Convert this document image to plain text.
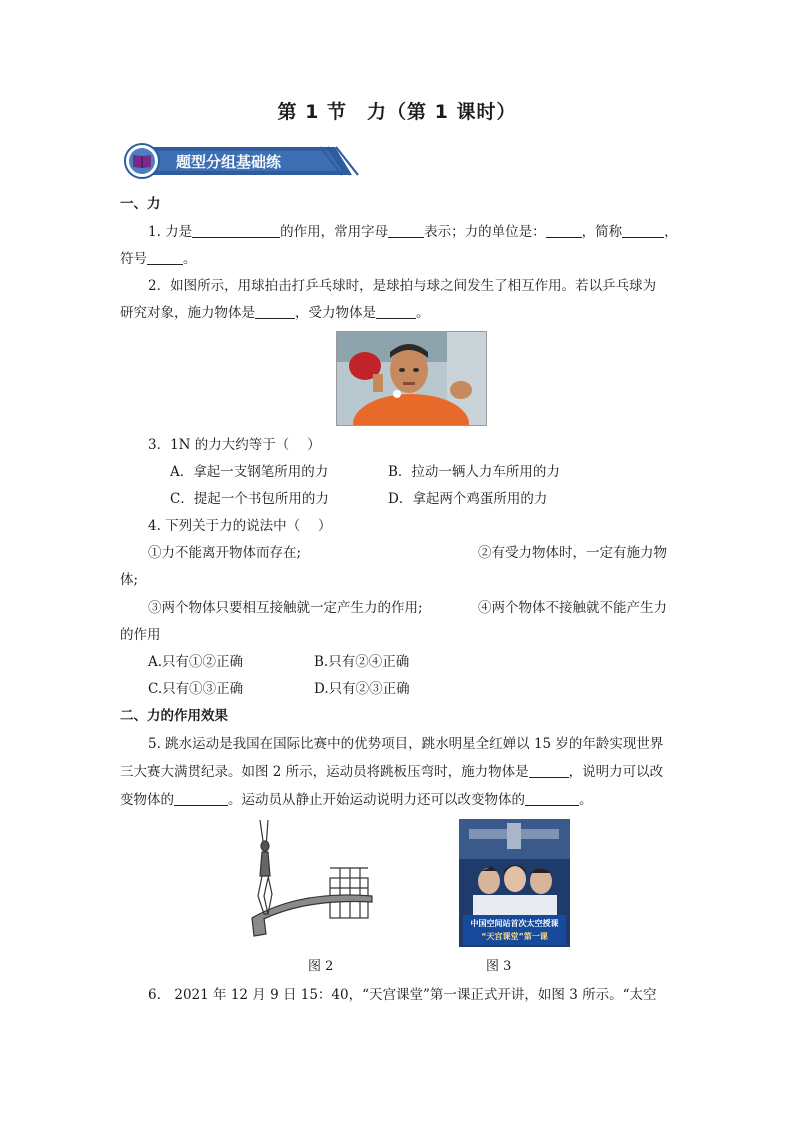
第 1 节　力（第 1 课时）
题型分组基础练
一、力
1. 力是	的作用，常用字母	表示；力的单位是：	，简称	，
符号	。
2．如图所示，用球拍击打乒乓球时，是球拍与球之间发生了相互作用。若以乒乓球为
研究对象，施力物体是	，受力物体是	。
3．1N 的力大约等于（　 ）
A．拿起一支钢笔所用的力	B．拉动一辆人力车所用的力
C．提起一个书包所用的力	D．拿起两个鸡蛋所用的力
4. 下列关于力的说法中（　 ）
①力不能离开物体而存在;	②有受力物体时，一定有施力物
体;
③两个物体只要相互接触就一定产生力的作用;	④两个物体不接触就不能产生力
的作用
A.只有①②正确	B.只有②④正确
C.只有①③正确	D.只有②③正确
二、力的作用效果
5. 跳水运动是我国在国际比赛中的优势项目，跳水明星全红婵以 15 岁的年龄实现世界
三大赛大满贯纪录。如图 2 所示，运动员将跳板压弯时，施力物体是	，说明力可以改
变物体的	。运动员从静止开始运动说明力还可以改变物体的	。
图 2
中国空间站首次太空授课
“天宫课堂”第一课
图 3
6.　2021 年 12 月 9 日 15：40，“天宫课堂”第一课正式开讲，如图 3 所示。“太空
